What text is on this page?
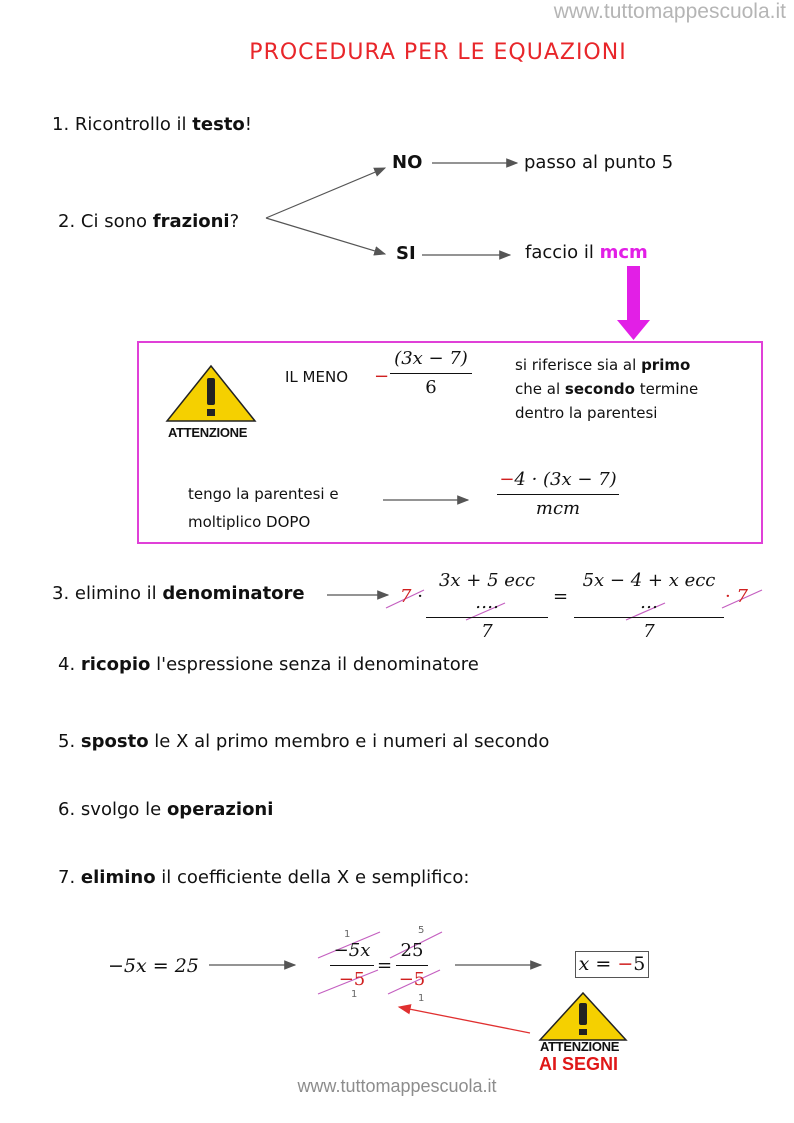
www.tuttomappescuola.it
PROCEDURA PER LE EQUAZIONI
1. Ricontrollo il testo!
2. Ci sono frazioni?
NO	passo al punto 5
SI	faccio il mcm
ATTENZIONE
IL MENO −
(3x − 7)
6
si riferisce sia al primo
che al secondo termine
dentro la parentesi
tengo la parentesi e
moltiplico DOPO
−4 · (3x − 7)
mcm
3. elimino il denominatore	7 ·
3x + 5 ecc ….
7
=
5x − 4 + x ecc …
7
· 7
4. ricopio l'espressione senza il denominatore
5. sposto le X al primo membro e i numeri al secondo
6. svolgo le operazioni
7. elimino il coefficiente della X e semplifico:
−5x = 25
1
1
5
1
−5x
−5
=
25
−5
x = −5
ATTENZIONE
AI SEGNI
www.tuttomappescuola.it
